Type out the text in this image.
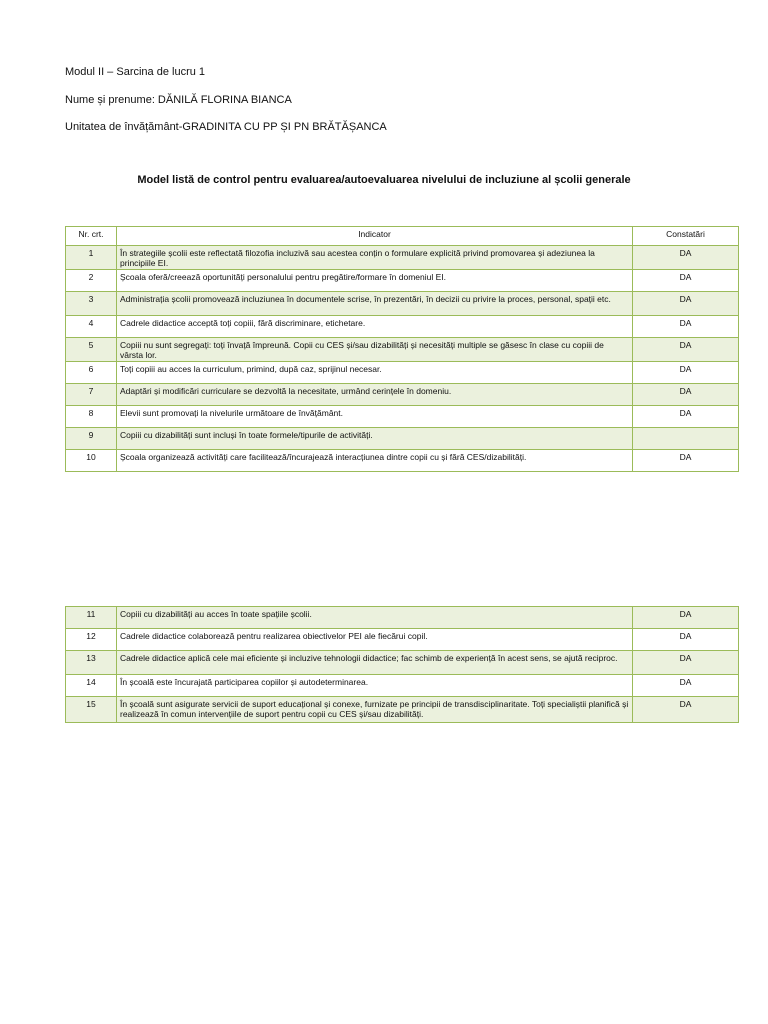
Modul II – Sarcina de lucru 1
Nume și prenume: DĂNILĂ FLORINA BIANCA
Unitatea de învățământ-GRADINITA CU PP ȘI PN BRĂTĂȘANCA
Model listă de control pentru evaluarea/autoevaluarea nivelului de incluziune al școlii generale
Nr. crt.	Indicator	Constatări
1	În strategiile școlii este reflectată filozofia incluzivă sau acestea conțin o formulare explicită privind promovarea și adeziunea la principiile EI.	DA
2	Școala oferă/creează oportunități personalului pentru pregătire/formare în domeniul EI.	DA
3	Administrația școlii promovează incluziunea în documentele scrise, în prezentări, în decizii cu privire la proces, personal, spații etc.	DA
4	Cadrele didactice acceptă toți copiii, fără discriminare, etichetare.	DA
5	Copiii nu sunt segregați: toți învață împreună. Copii cu CES și/sau dizabilități și necesități multiple se găsesc în clase cu copiii de vârsta lor.	DA
6	Toți copiii au acces la curriculum, primind, după caz, sprijinul necesar.	DA
7	Adaptări și modificări curriculare se dezvoltă la necesitate, urmând cerințele în domeniu.	DA
8	Elevii sunt promovați la nivelurile următoare de învățământ.	DA
9	Copiii cu dizabilități sunt incluși în toate formele/tipurile de activități.	
10	Școala organizează activități care facilitează/încurajează interacțiunea dintre copii cu și fără CES/dizabilități.	DA
11	Copiii cu dizabilități au acces în toate spațiile școlii.	DA
12	Cadrele didactice colaborează pentru realizarea obiectivelor PEI ale fiecărui copil.	DA
13	Cadrele didactice aplică cele mai eficiente și incluzive tehnologii didactice; fac schimb de experiență în acest sens, se ajută reciproc.	DA
14	În școală este încurajată participarea copiilor și autodeterminarea.	DA
15	În școală sunt asigurate servicii de suport educațional și conexe, furnizate pe principii de transdisciplinaritate. Toți specialiștii planifică și realizează în comun intervențiile de suport pentru copii cu CES și/sau dizabilități.	DA
